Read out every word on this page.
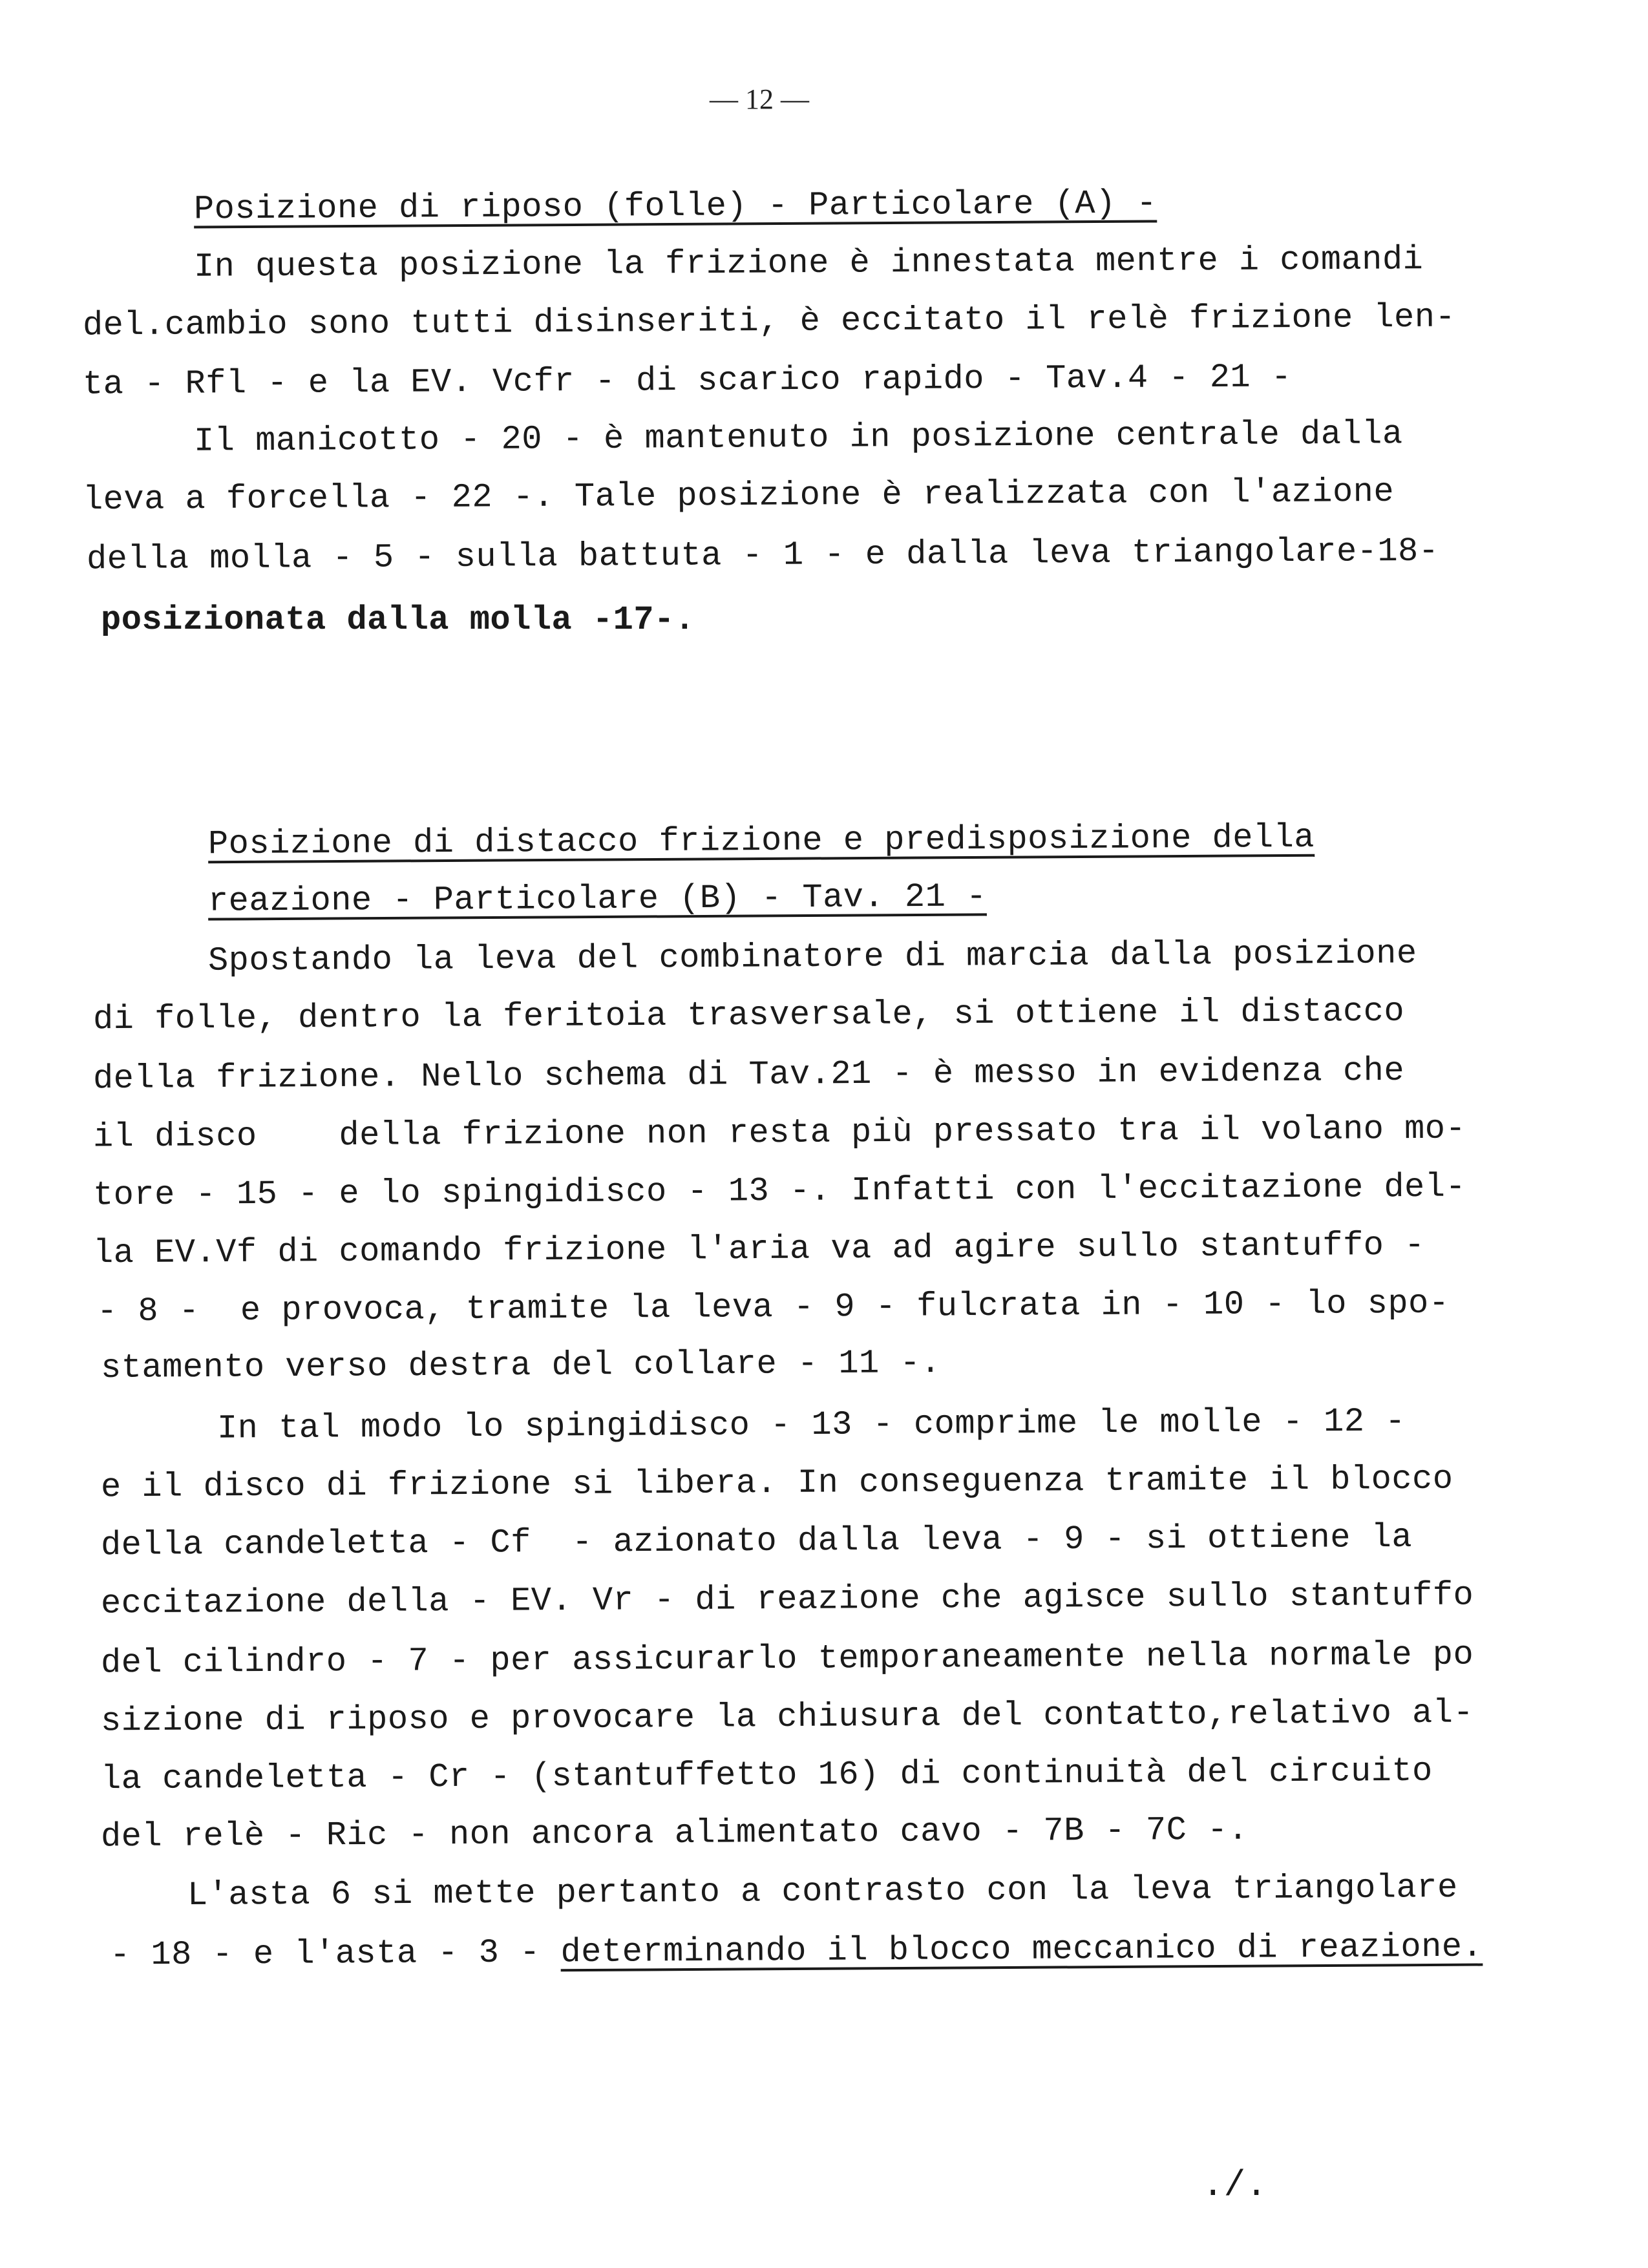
— 12 —
Posizione di riposo (folle) - Particolare (A) -
In questa posizione la frizione è innestata mentre i comandi
del.cambio sono tutti disinseriti, è eccitato il relè frizione len-
ta - Rfl - e la EV. Vcfr - di scarico rapido - Tav.4 - 21 -
Il manicotto - 20 - è mantenuto in posizione centrale dalla
leva a forcella - 22 -. Tale posizione è realizzata con l'azione
della molla - 5 - sulla battuta - 1 - e dalla leva triangolare-18-
posizionata dalla molla -17-.
Posizione di distacco frizione e predisposizione della
reazione - Particolare (B) - Tav. 21 -
Spostando la leva del combinatore di marcia dalla posizione
di folle, dentro la feritoia trasversale, si ottiene il distacco
della frizione. Nello schema di Tav.21 - è messo in evidenza che
il disco    della frizione non resta più pressato tra il volano mo-
tore - 15 - e lo spingidisco - 13 -. Infatti con l'eccitazione del-
la EV.Vf di comando frizione l'aria va ad agire sullo stantuffo -
- 8 -  e provoca, tramite la leva - 9 - fulcrata in - 10 - lo spo-
stamento verso destra del collare - 11 -.
In tal modo lo spingidisco - 13 - comprime le molle - 12 -
e il disco di frizione si libera. In conseguenza tramite il blocco
della candeletta - Cf  - azionato dalla leva - 9 - si ottiene la
eccitazione della - EV. Vr - di reazione che agisce sullo stantuffo
del cilindro - 7 - per assicurarlo temporaneamente nella normale po
sizione di riposo e provocare la chiusura del contatto,relativo al-
la candeletta - Cr - (stantuffetto 16) di continuità del circuito
del relè - Ric - non ancora alimentato cavo - 7B - 7C -.
L'asta 6 si mette pertanto a contrasto con la leva triangolare
- 18 - e l'asta - 3 - determinando il blocco meccanico di reazione.
./.
